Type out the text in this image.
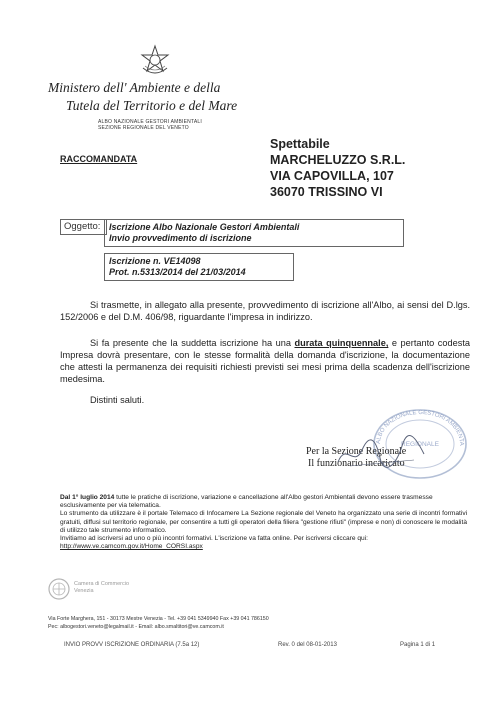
Ministero dell' Ambiente e della
Tutela del Territorio e del Mare
ALBO NAZIONALE GESTORI AMBIENTALI
SEZIONE REGIONALE DEL VENETO
RACCOMANDATA
Spettabile
MARCHELUZZO S.R.L.
VIA CAPOVILLA, 107
36070 TRISSINO VI
Oggetto: Iscrizione Albo Nazionale Gestori Ambientali
Invio provvedimento di iscrizione
Iscrizione n. VE14098
Prot. n.5313/2014 del 21/03/2014
Si trasmette, in allegato alla presente, provvedimento di iscrizione all'Albo, ai sensi del D.lgs. 152/2006 e del D.M. 406/98, riguardante l'impresa in indirizzo.
Si fa presente che la suddetta iscrizione ha una durata quinquennale, e pertanto codesta Impresa dovrà presentare, con le stesse formalità della domanda d'iscrizione, la documentazione che attesti la permanenza dei requisiti richiesti previsti sei mesi prima della scadenza dell'iscrizione medesima.
Distinti saluti.
ALBO NAZIONALE GESTORI AMBIENTA
REGIONALE
Per la Sezione Regionale
Il funzionario incaricato
Dal 1° luglio 2014 tutte le pratiche di iscrizione, variazione e cancellazione all'Albo gestori Ambientali devono essere trasmesse esclusivamente per via telematica.
Lo strumento da utilizzare è il portale Telemaco di Infocamere La Sezione regionale del Veneto ha organizzato una serie di incontri formativi gratuiti, diffusi sul territorio regionale, per consentire a tutti gli operatori della filiera "gestione rifiuti" (imprese e non) di conoscere le modalità di utilizzo tale strumento informatico.
Invitiamo ad iscriversi ad uno o più incontri formativi. L'iscrizione va fatta online. Per iscriversi cliccare qui:
http://www.ve.camcom.gov.it/Home_CORSI.aspx
Camera di Commercio
Venezia
Via Forte Marghera, 151 - 30173 Mestre Venezia - Tel. +39 041 5349940 Fax +39 041 786150
Pec: albogestori.veneto@legalmail.it - Email: albo.smaltitori@ve.camcom.it
INVIO PROVV ISCRIZIONE ORDINARIA (7.5a 12)	Rev. 0 del 08-01-2013	Pagina 1 di 1
